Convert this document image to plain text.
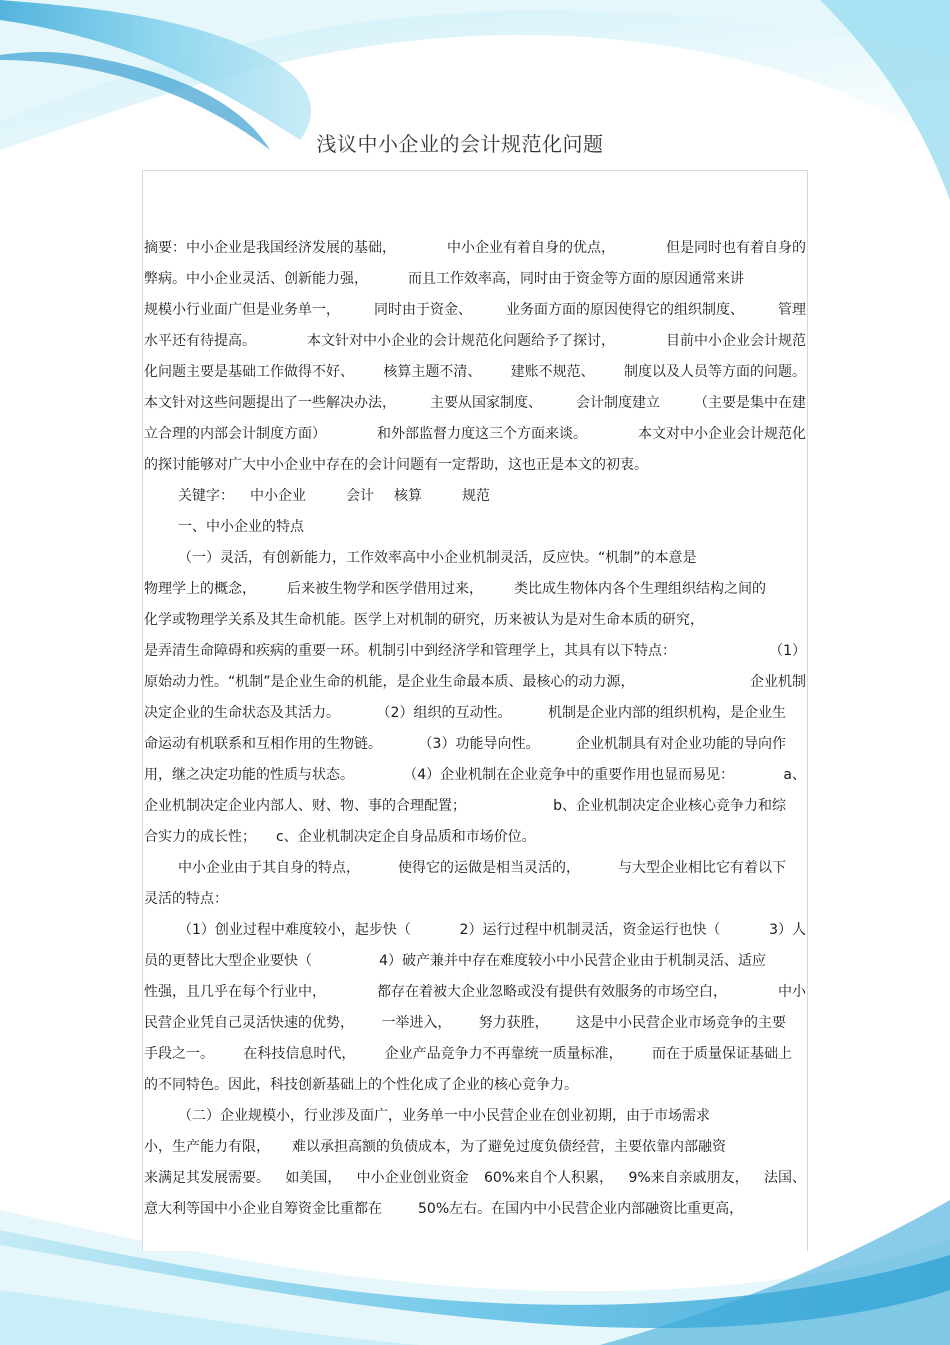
浅议中小企业的会计规范化问题
摘要：中小企业是我国经济发展的基础，	中小企业有着自身的优点，	但是同时也有着自身的
弊病。中小企业灵活、创新能力强，	而且工作效率高，同时由于资金等方面的原因通常来讲
规模小行业面广但是业务单一， 同时由于资金、 业务面方面的原因使得它的组织制度、 管理
水平还有待提高。	本文针对中小企业的会计规范化问题给予了探讨，	目前中小企业会计规范
化问题主要是基础工作做得不好、 核算主题不清、 建账不规范、 制度以及人员等方面的问题。
本文针对这些问题提出了一些解决办法， 主要从国家制度、 会计制度建立 （主要是集中在建
立合理的内部会计制度方面）	和外部监督力度这三个方面来谈。	本文对中小企业会计规范化
的探讨能够对广大中小企业中存在的会计问题有一定帮助，这也正是本文的初衷。
关键字： 中小企业	会计 核算	规范
一、中小企业的特点
（一）灵活，有创新能力，工作效率高中小企业机制灵活，反应快。“机制”的本意是
物理学上的概念， 后来被生物学和医学借用过来， 类比成生物体内各个生理组织结构之间的
化学或物理学关系及其生命机能。医学上对机制的研究，历来被认为是对生命本质的研究，
是弄清生命障碍和疾病的重要一环。机制引中到经济学和管理学上，其具有以下特点：	（1）
原始动力性。“机制”是企业生命的机能，是企业生命最本质、最核心的动力源，	企业机制
决定企业的生命状态及其活力。	（2）组织的互动性。	机制是企业内部的组织机构，是企业生
命运动有机联系和互相作用的生物链。	（3）功能导向性。	企业机制具有对企业功能的导向作
用，继之决定功能的性质与状态。	（4）企业机制在企业竞争中的重要作用也显而易见：	a、
企业机制决定企业内部人、财、物、事的合理配置；	b、企业机制决定企业核心竞争力和综
合实力的成长性； c、企业机制决定企自身品质和市场价位。
中小企业由于其自身的特点，	使得它的运做是相当灵活的，	与大型企业相比它有着以下
灵活的特点：
（1）创业过程中难度较小，起步快（	2）运行过程中机制灵活，资金运行也快（	3）人
员的更替比大型企业要快（	4）破产兼并中存在难度较小中小民营企业由于机制灵活、适应
性强，且几乎在每个行业中，	都存在着被大企业忽略或没有提供有效服务的市场空白，	中小
民营企业凭自己灵活快速的优势， 一举进入， 努力获胜， 这是中小民营企业市场竞争的主要
手段之一。 在科技信息时代， 企业产品竞争力不再靠统一质量标准， 而在于质量保证基础上
的不同特色。因此，科技创新基础上的个性化成了企业的核心竞争力。
（二）企业规模小，行业涉及面广，业务单一中小民营企业在创业初期，由于市场需求
小，生产能力有限， 难以承担高额的负债成本，为了避免过度负债经营，主要依靠内部融资
来满足其发展需要。 如美国， 中小企业创业资金 60%来自个人积累， 9%来自亲戚朋友， 法国、
意大利等国中小企业自筹资金比重都在	50%左右。在国内中小民营企业内部融资比重更高，
